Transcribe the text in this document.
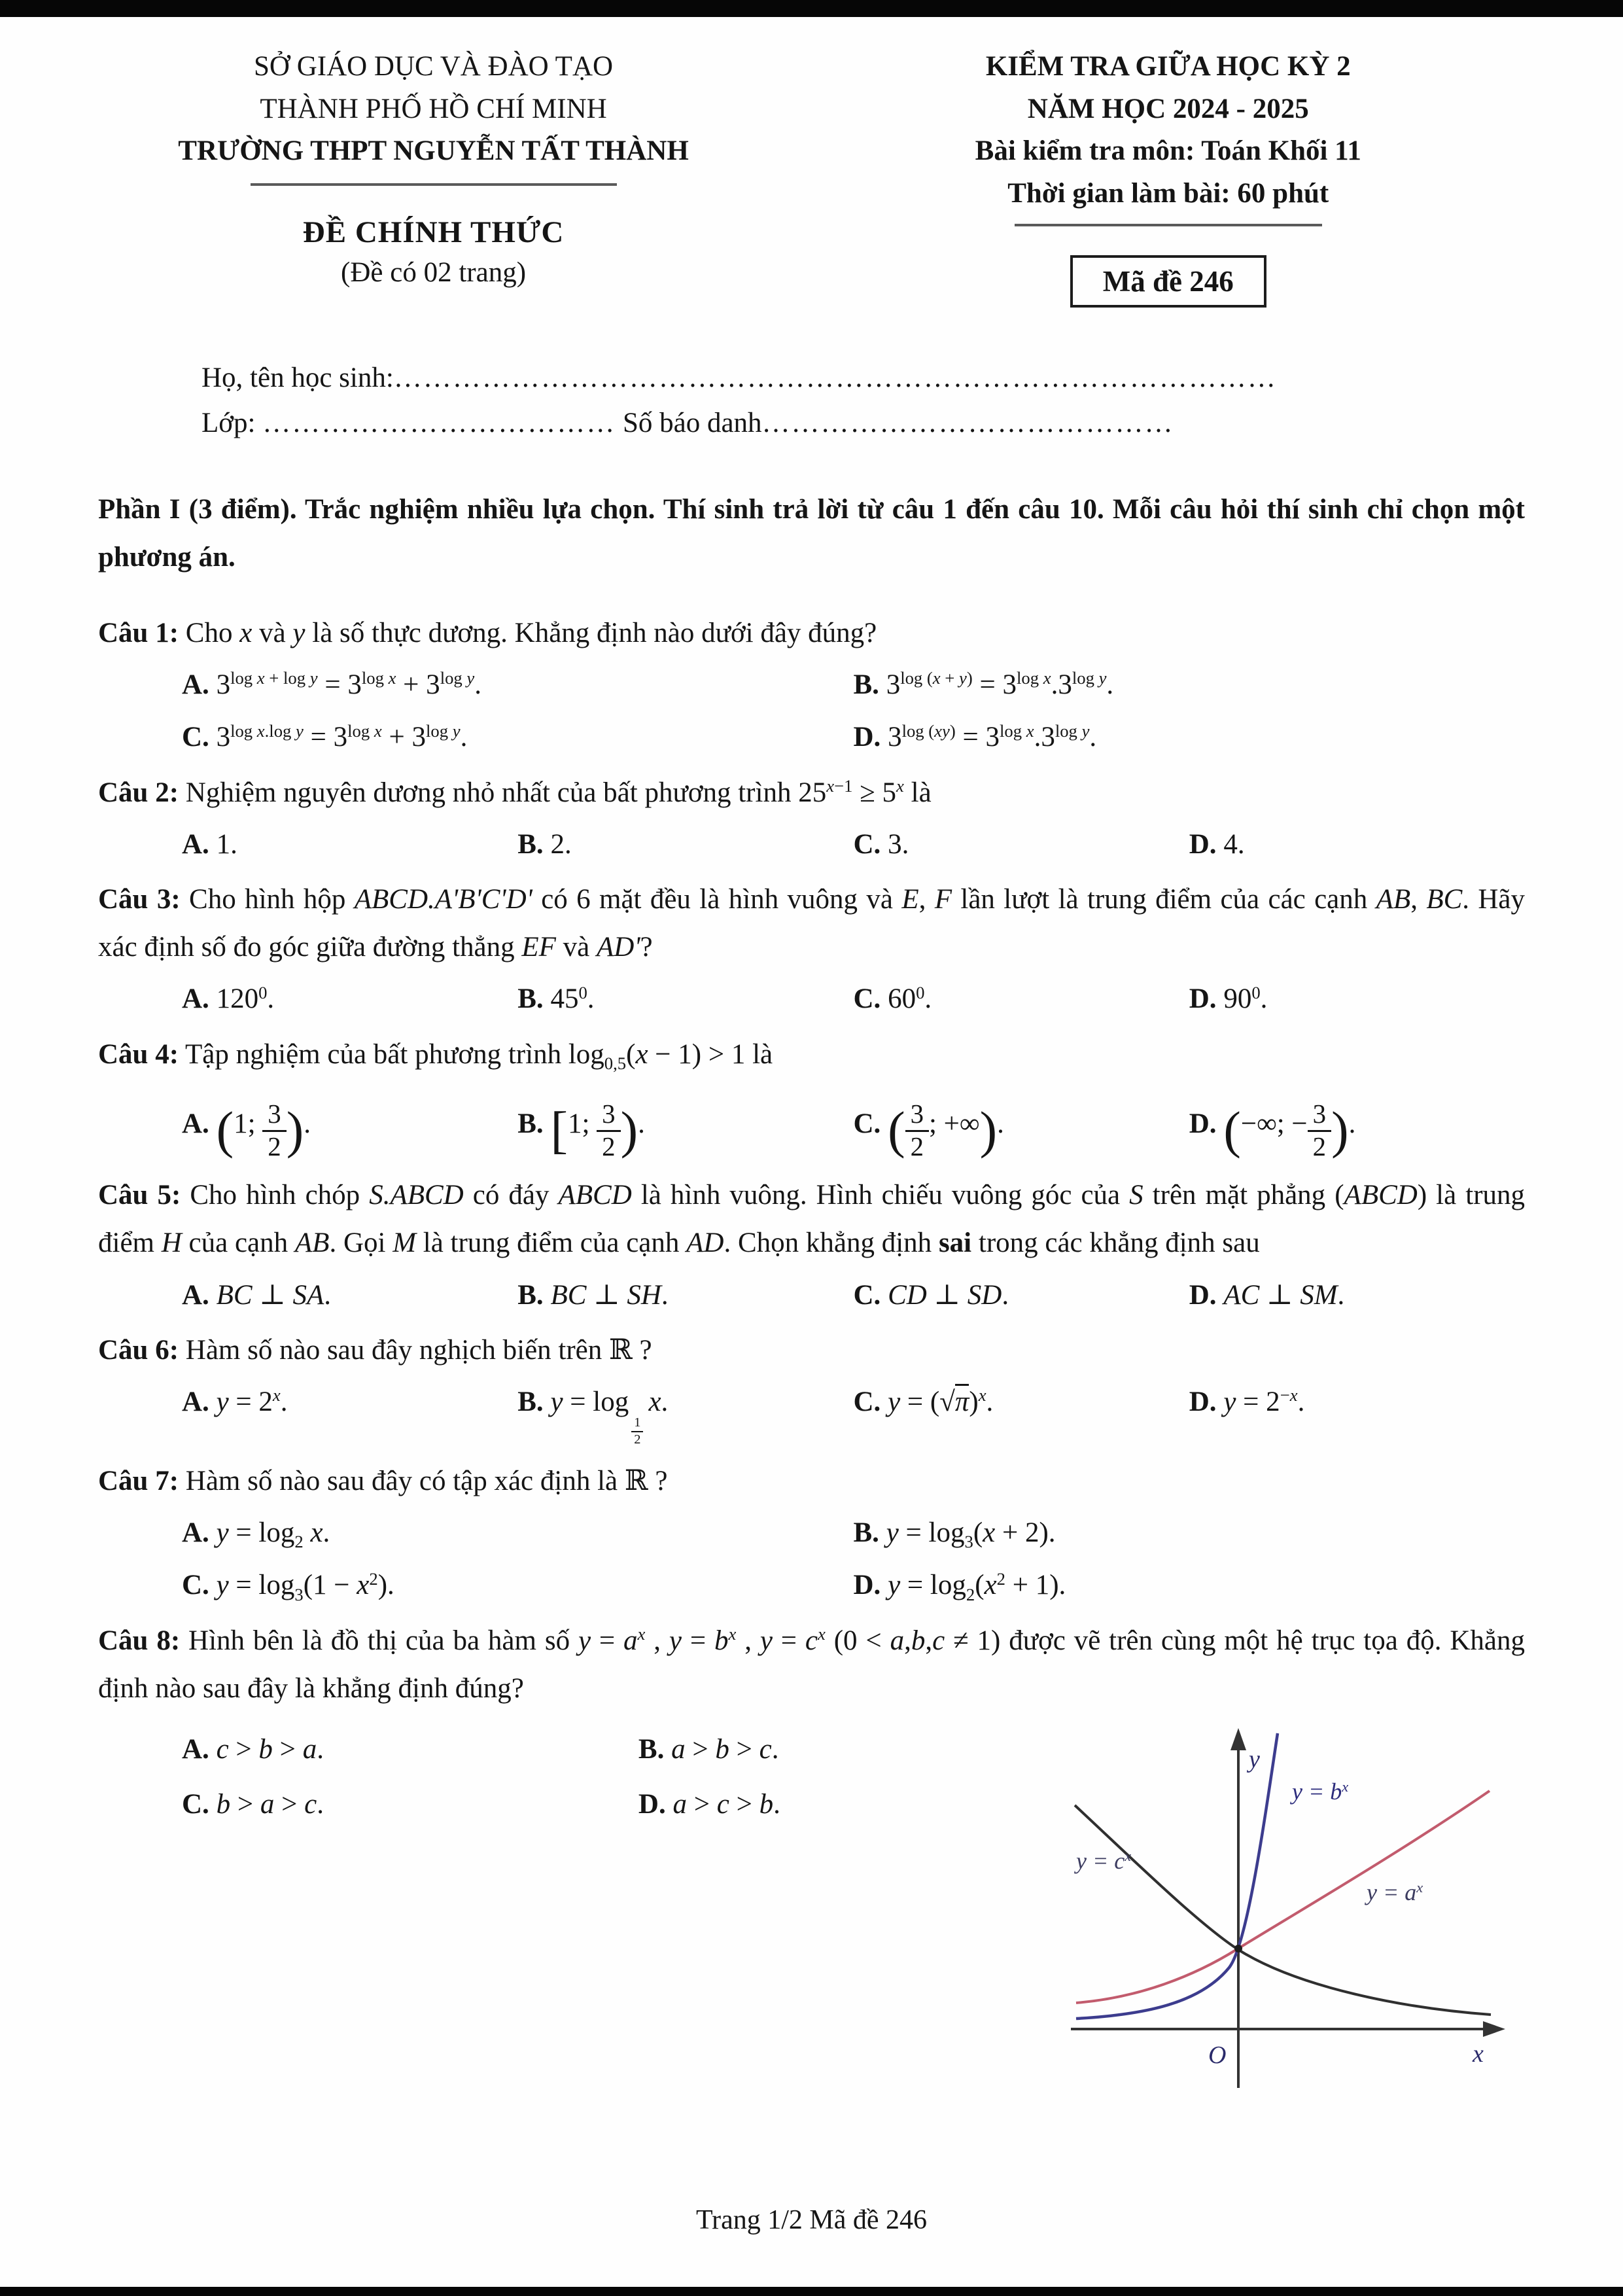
SỞ GIÁO DỤC VÀ ĐÀO TẠO
THÀNH PHỐ HỒ CHÍ MINH
TRƯỜNG THPT NGUYỄN TẤT THÀNH
ĐỀ CHÍNH THỨC
(Đề có 02 trang)
KIỂM TRA GIỮA HỌC KỲ 2
NĂM HỌC 2024 - 2025
Bài kiểm tra môn: Toán Khối 11
Thời gian làm bài: 60 phút
Mã đề 246
Họ, tên học sinh:………………………………………………………………………………
Lớp: ……………………………… Số báo danh……………………………………

Phần I (3 điểm). Trắc nghiệm nhiều lựa chọn. Thí sinh trả lời từ câu 1 đến câu 10. Mỗi câu hỏi thí sinh chỉ chọn một phương án.

Câu 1: Cho x và y là số thực dương. Khẳng định nào dưới đây đúng?

A. $3^{log x + log y} = 3^{log x} + 3^{log y}$.	B. $3^{log (x + y)} = 3^{log x}.3^{log y}$.
C. $3^{log x.log y} = 3^{log x} + 3^{log y}$.	D. $3^{log (xy)} = 3^{log x}.3^{log y}$.

Câu 2: Nghiệm nguyên dương nhỏ nhất của bất phương trình $25^{x-1} \ge 5^x$ là

A. 1.	B. 2.	C. 3.	D. 4.

Câu 3: Cho hình hộp ABCD.A'B'C'D' có 6 mặt đều là hình vuông và E, F lần lượt là trung điểm của các cạnh AB, BC. Hãy xác định số đo góc giữa đường thẳng EF và AD'?

A. $120^0$.	B. $45^0$.	C. $60^0$.	D. $90^0$.

Câu 4: Tập nghiệm của bất phương trình $\log_{0,5}(x - 1) > 1$ là

A. (1; $\frac{3}{2}$ ).	B. [1; $\frac{3}{2}$ ).	C. ( $\frac{3}{2}$ ; +∞).	D. (−∞; − $\frac{3}{2}$ ).

Câu 5: Cho hình chóp S.ABCD có đáy ABCD là hình vuông. Hình chiếu vuông góc của S trên mặt phẳng (ABCD) là trung điểm H của cạnh AB. Gọi M là trung điểm của cạnh AD. Chọn khẳng định sai trong các khẳng định sau

A. BC ⊥ SA.	B. BC ⊥ SH.	C. CD ⊥ SD.	D. AC ⊥ SM.

Câu 6: Hàm số nào sau đây nghịch biến trên ℝ ?

A. $y = 2^x$.	B. y = log
$\frac{1}{2}$
x.	C. $y = (√\pi)^x$.	D. $y = 2^{-x}$.

Câu 7: Hàm số nào sau đây có tập xác định là ℝ ?

A. $y = \log_2 x$.	B. $y = \log_3(x + 2)$.
C. $y = \log_3(1 - x^2)$.	D. $y = \log_2(x^2 + 1)$.

Câu 8: Hình bên là đồ thị của ba hàm số $y = a^x$ , $y = b^x$ , $y = c^x$ (0 < a,b,c ≠ 1) được vẽ trên cùng một hệ trục tọa độ. Khẳng định nào sau đây là khẳng định đúng?

A. c > b > a.	B. a > b > c.
C. b > a > c.	D. a > c > b.
y
x
O
$y = b^x$
$y = a^x$
$y = c^x$
Trang 1/2 Mã đề 246
